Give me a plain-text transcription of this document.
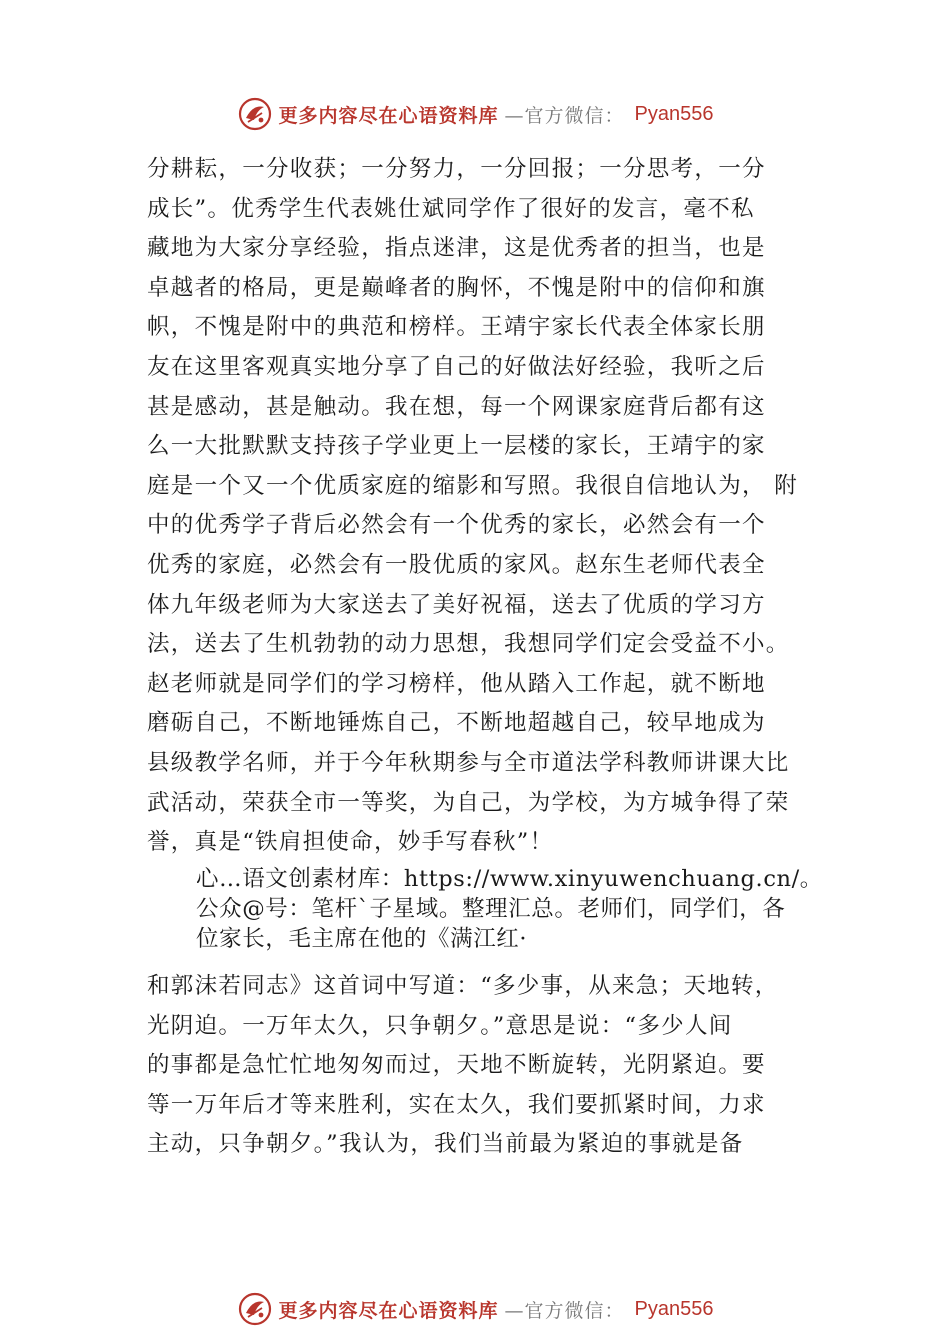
更多内容尽在心语资料库 —官方微信： Pyan556
分耕耘，一分收获；一分努力，一分回报；一分思考，一分
成长”。优秀学生代表姚仕斌同学作了很好的发言，毫不私
藏地为大家分享经验，指点迷津，这是优秀者的担当，也是
卓越者的格局，更是巅峰者的胸怀，不愧是附中的信仰和旗
帜，不愧是附中的典范和榜样。王靖宇家长代表全体家长朋
友在这里客观真实地分享了自己的好做法好经验，我听之后
甚是感动，甚是触动。我在想，每一个网课家庭背后都有这
么一大批默默支持孩子学业更上一层楼的家长，王靖宇的家
庭是一个又一个优质家庭的缩影和写照。我很自信地认为， 附
中的优秀学子背后必然会有一个优秀的家长，必然会有一个
优秀的家庭，必然会有一股优质的家风。赵东生老师代表全
体九年级老师为大家送去了美好祝福，送去了优质的学习方
法，送去了生机勃勃的动力思想，我想同学们定会受益不小。
赵老师就是同学们的学习榜样，他从踏入工作起，就不断地
磨砺自己，不断地锤炼自己，不断地超越自己，较早地成为
县级教学名师，并于今年秋期参与全市道法学科教师讲课大比
武活动，荣获全市一等奖，为自己，为学校，为方城争得了荣
誉，真是“铁肩担使命，妙手写春秋”！
心…语文创素材库：https://www.xinyuwenchuang.cn/。
公众@号：笔杆`子星域。整理汇总。老师们，同学们，各
位家长，毛主席在他的《满江红·
和郭沫若同志》这首词中写道：“多少事，从来急；天地转，
光阴迫。一万年太久，只争朝夕。”意思是说：“多少人间
的事都是急忙忙地匆匆而过，天地不断旋转，光阴紧迫。要
等一万年后才等来胜利，实在太久，我们要抓紧时间，力求
主动，只争朝夕。”我认为，我们当前最为紧迫的事就是备
更多内容尽在心语资料库 —官方微信： Pyan556
